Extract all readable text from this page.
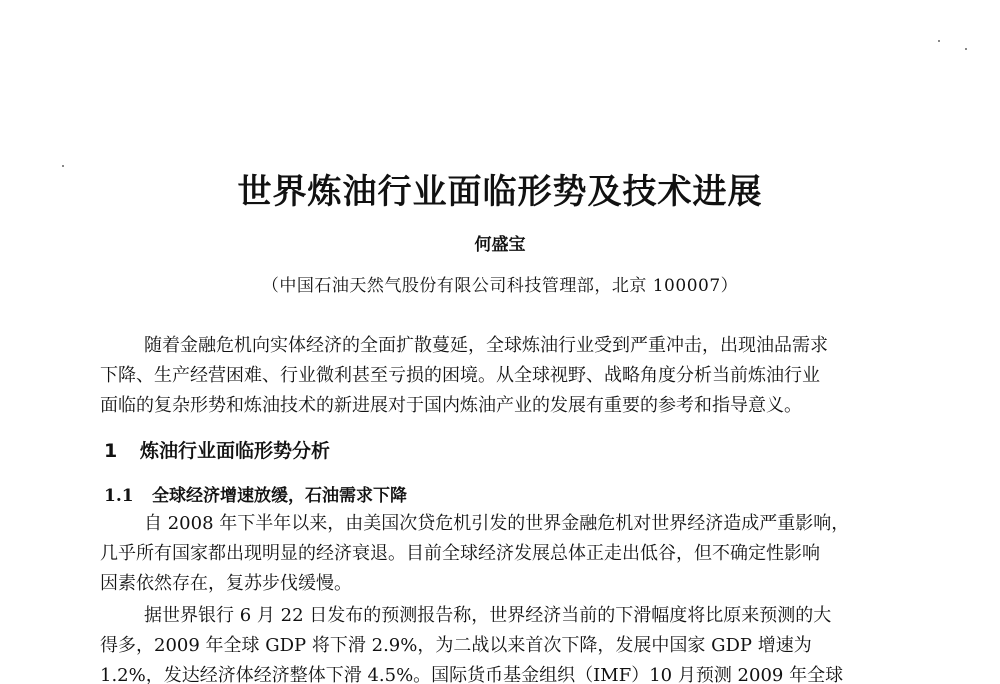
世界炼油行业面临形势及技术进展
何盛宝
（中国石油天然气股份有限公司科技管理部，北京 100007）
随着金融危机向实体经济的全面扩散蔓延，全球炼油行业受到严重冲击，出现油品需求
下降、生产经营困难、行业微利甚至亏损的困境。从全球视野、战略角度分析当前炼油行业
面临的复杂形势和炼油技术的新进展对于国内炼油产业的发展有重要的参考和指导意义。
1 炼油行业面临形势分析
1.1 全球经济增速放缓，石油需求下降
自 2008 年下半年以来，由美国次贷危机引发的世界金融危机对世界经济造成严重影响，
几乎所有国家都出现明显的经济衰退。目前全球经济发展总体正走出低谷，但不确定性影响
因素依然存在，复苏步伐缓慢。
据世界银行 6 月 22 日发布的预测报告称，世界经济当前的下滑幅度将比原来预测的大
得多，2009 年全球 GDP 将下滑 2.9%，为二战以来首次下降，发展中国家 GDP 增速为
1.2%，发达经济体经济整体下滑 4.5%。国际货币基金组织（IMF）10 月预测 2009 年全球
